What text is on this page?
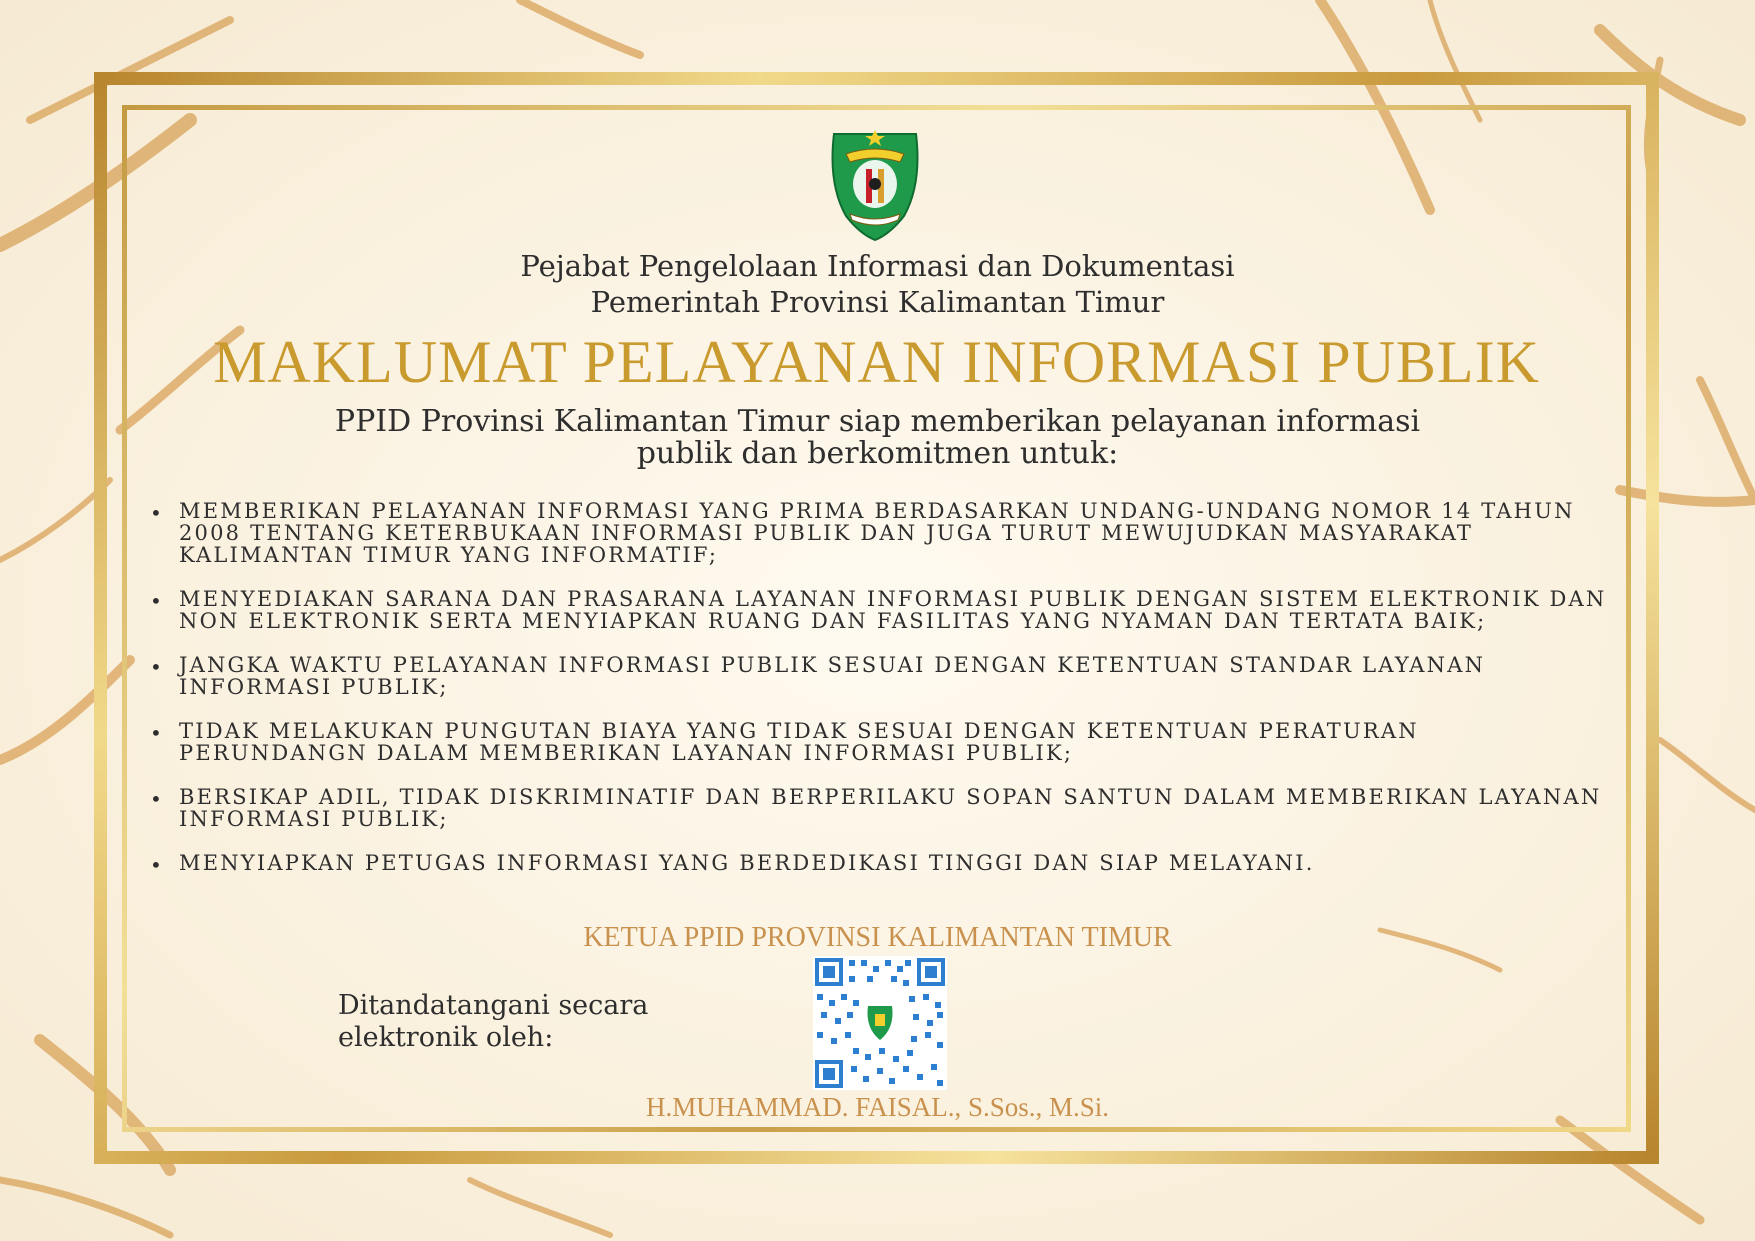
Pejabat Pengelolaan Informasi dan Dokumentasi
Pemerintah Provinsi Kalimantan Timur
MAKLUMAT PELAYANAN INFORMASI PUBLIK
PPID Provinsi Kalimantan Timur siap memberikan pelayanan informasi
publik dan berkomitmen untuk:
• MEMBERIKAN PELAYANAN INFORMASI YANG PRIMA BERDASARKAN UNDANG-UNDANG NOMOR 14 TAHUN 2008 TENTANG KETERBUKAAN INFORMASI PUBLIK DAN JUGA TURUT MEWUJUDKAN MASYARAKAT KALIMANTAN TIMUR YANG INFORMATIF;
• MENYEDIAKAN SARANA DAN PRASARANA LAYANAN INFORMASI PUBLIK DENGAN SISTEM ELEKTRONIK DAN NON ELEKTRONIK SERTA MENYIAPKAN RUANG DAN FASILITAS YANG NYAMAN DAN TERTATA BAIK;
• JANGKA WAKTU PELAYANAN INFORMASI PUBLIK SESUAI DENGAN KETENTUAN STANDAR LAYANAN INFORMASI PUBLIK;
• TIDAK MELAKUKAN PUNGUTAN BIAYA YANG TIDAK SESUAI DENGAN KETENTUAN PERATURAN PERUNDANGN DALAM MEMBERIKAN LAYANAN INFORMASI PUBLIK;
• BERSIKAP ADIL, TIDAK DISKRIMINATIF DAN BERPERILAKU SOPAN SANTUN DALAM MEMBERIKAN LAYANAN INFORMASI PUBLIK;
• MENYIAPKAN PETUGAS INFORMASI YANG BERDEDIKASI TINGGI DAN SIAP MELAYANI.
KETUA PPID PROVINSI KALIMANTAN TIMUR
Ditandatangani secara
elektronik oleh:
H.MUHAMMAD. FAISAL., S.Sos., M.Si.
